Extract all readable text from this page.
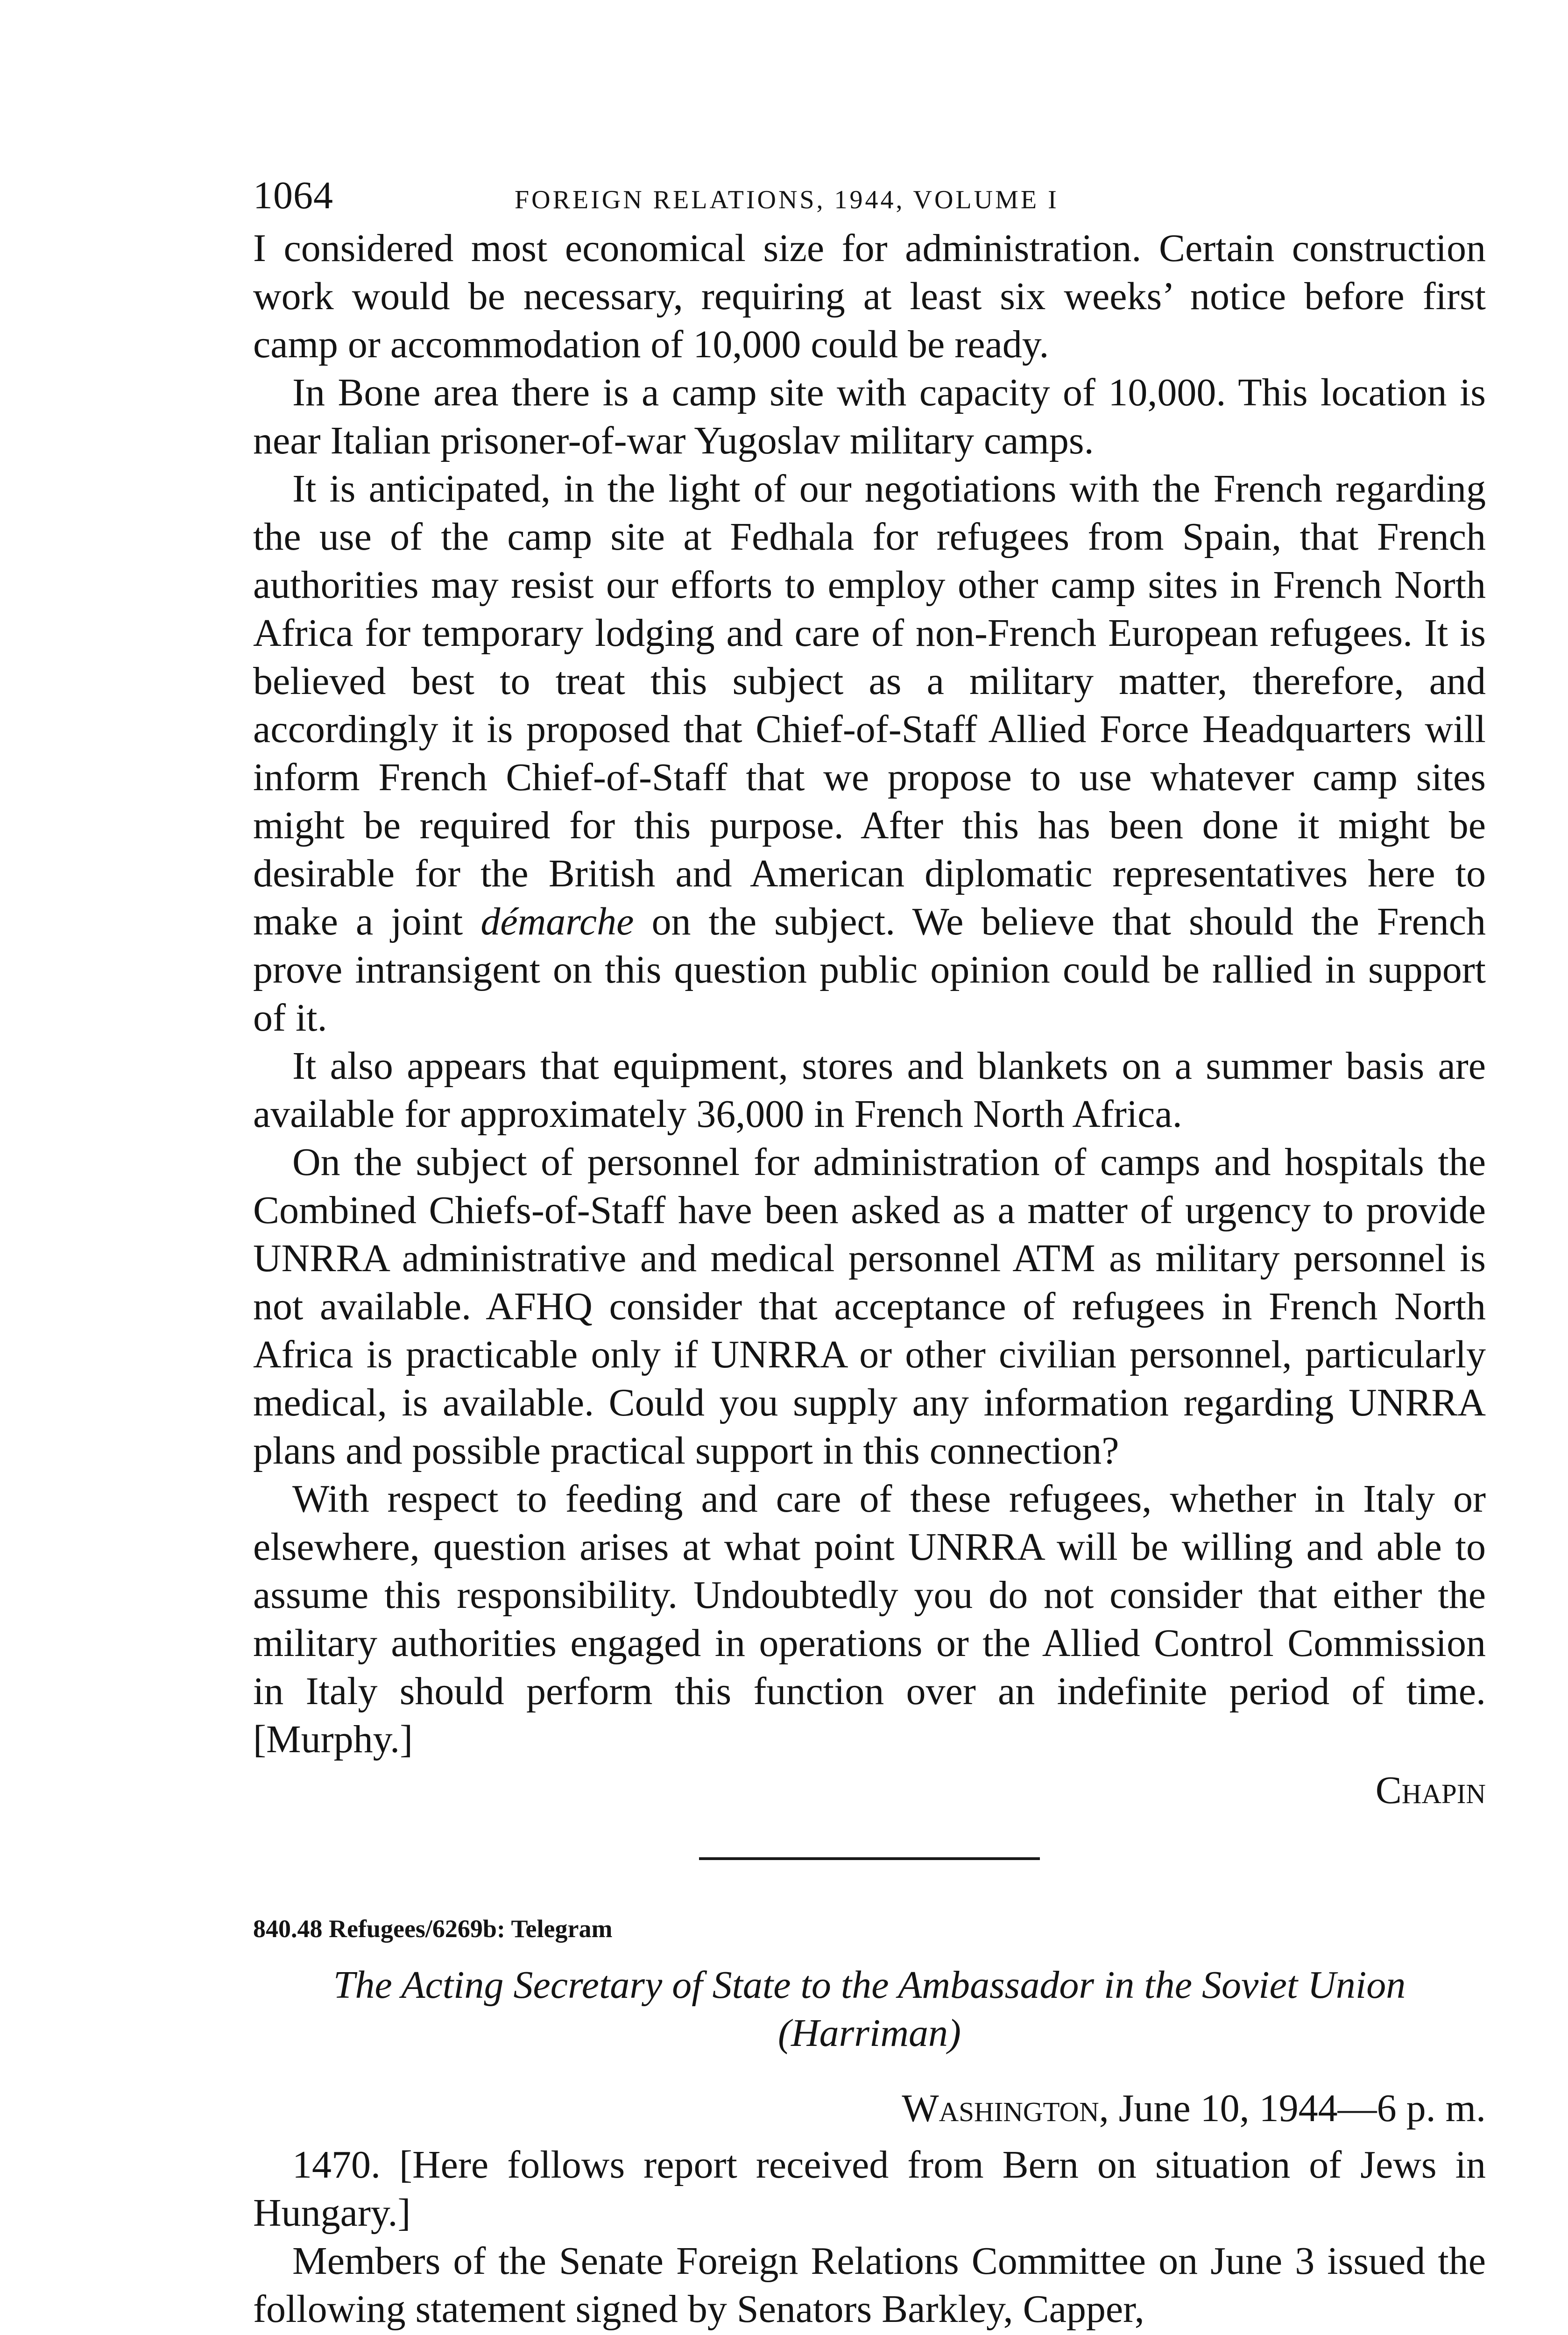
1064	FOREIGN RELATIONS, 1944, VOLUME I

I considered most economical size for administration. Certain construction work would be necessary, requiring at least six weeks’ notice before first camp or accommodation of 10,000 could be ready.

In Bone area there is a camp site with capacity of 10,000. This location is near Italian prisoner-of-war Yugoslav military camps.

It is anticipated, in the light of our negotiations with the French regarding the use of the camp site at Fedhala for refugees from Spain, that French authorities may resist our efforts to employ other camp sites in French North Africa for temporary lodging and care of non-French European refugees. It is believed best to treat this subject as a military matter, therefore, and accordingly it is proposed that Chief-of-Staff Allied Force Headquarters will inform French Chief-of-Staff that we propose to use whatever camp sites might be required for this purpose. After this has been done it might be desirable for the British and American diplomatic representatives here to make a joint démarche on the subject. We believe that should the French prove intransigent on this question public opinion could be rallied in support of it.

It also appears that equipment, stores and blankets on a summer basis are available for approximately 36,000 in French North Africa.

On the subject of personnel for administration of camps and hospitals the Combined Chiefs-of-Staff have been asked as a matter of urgency to provide UNRRA administrative and medical personnel ATM as military personnel is not available. AFHQ consider that acceptance of refugees in French North Africa is practicable only if UNRRA or other civilian personnel, particularly medical, is available. Could you supply any information regarding UNRRA plans and possible practical support in this connection?

With respect to feeding and care of these refugees, whether in Italy or elsewhere, question arises at what point UNRRA will be willing and able to assume this responsibility. Undoubtedly you do not consider that either the military authorities engaged in operations or the Allied Control Commission in Italy should perform this function over an indefinite period of time. [Murphy.]

Chapin

840.48 Refugees/6269b: Telegram

The Acting Secretary of State to the Ambassador in the Soviet Union (Harriman)

Washington, June 10, 1944—6 p. m.

1470. [Here follows report received from Bern on situation of Jews in Hungary.]

Members of the Senate Foreign Relations Committee on June 3 issued the following statement signed by Senators Barkley, Capper,
